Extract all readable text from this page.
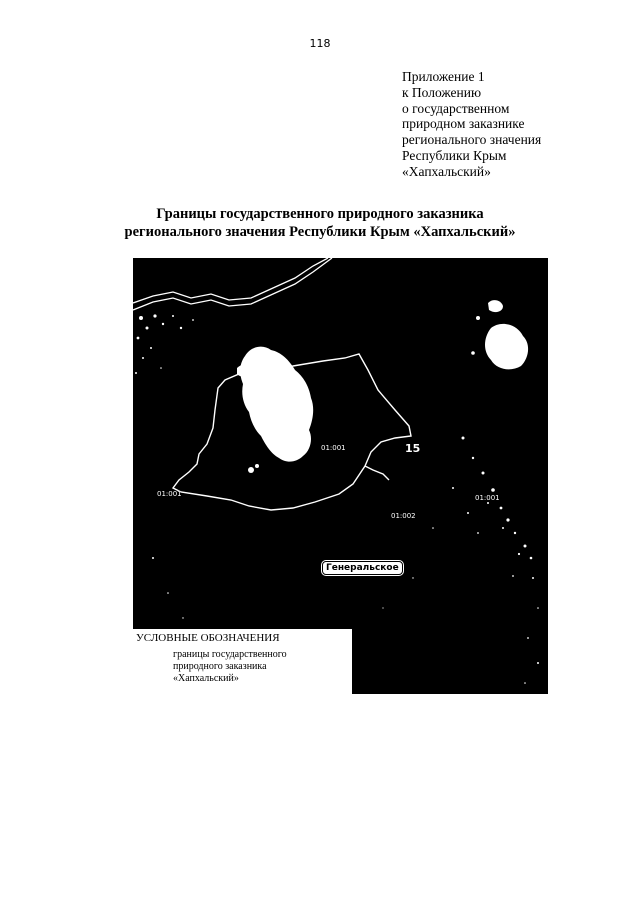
118
Приложение 1
к Положению
о государственном
природном заказнике
регионального значения
Республики Крым
«Хапхальский»
Границы государственного природного заказника
регионального значения Республики Крым «Хапхальский»
01:001	15
01:001	01:001
01:002
Генеральское
УСЛОВНЫЕ ОБОЗНАЧЕНИЯ
границы государственного
природного заказника
«Хапхальский»
